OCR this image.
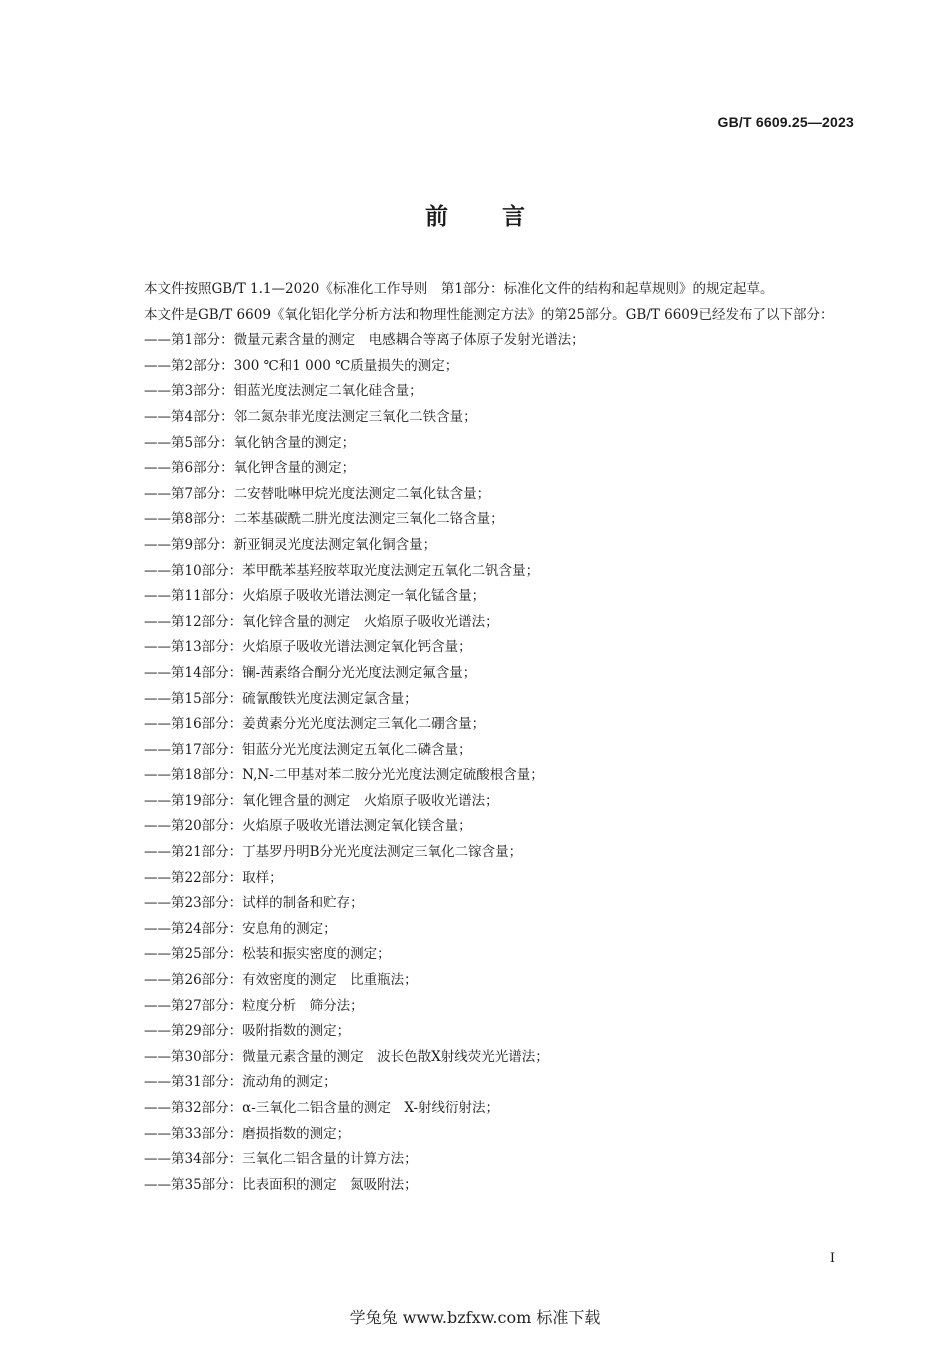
GB/T 6609.25—2023
前言

本文件按照GB/T 1.1—2020《标准化工作导则　第1部分：标准化文件的结构和起草规则》的规定起草。

本文件是GB/T 6609《氧化铝化学分析方法和物理性能测定方法》的第25部分。GB/T 6609已经发布了以下部分：

——第1部分：微量元素含量的测定　电感耦合等离子体原子发射光谱法；
——第2部分：300 ℃和1 000 ℃质量损失的测定；
——第3部分：钼蓝光度法测定二氧化硅含量；
——第4部分：邻二氮杂菲光度法测定三氧化二铁含量；
——第5部分：氧化钠含量的测定；
——第6部分：氧化钾含量的测定；
——第7部分：二安替吡啉甲烷光度法测定二氧化钛含量；
——第8部分：二苯基碳酰二肼光度法测定三氧化二铬含量；
——第9部分：新亚铜灵光度法测定氧化铜含量；
——第10部分：苯甲酰苯基羟胺萃取光度法测定五氧化二钒含量；
——第11部分：火焰原子吸收光谱法测定一氧化锰含量；
——第12部分：氧化锌含量的测定　火焰原子吸收光谱法；
——第13部分：火焰原子吸收光谱法测定氧化钙含量；
——第14部分：镧-茜素络合酮分光光度法测定氟含量；
——第15部分：硫氰酸铁光度法测定氯含量；
——第16部分：姜黄素分光光度法测定三氧化二硼含量；
——第17部分：钼蓝分光光度法测定五氧化二磷含量；
——第18部分：N,N-二甲基对苯二胺分光光度法测定硫酸根含量；
——第19部分：氧化锂含量的测定　火焰原子吸收光谱法；
——第20部分：火焰原子吸收光谱法测定氧化镁含量；
——第21部分：丁基罗丹明B分光光度法测定三氧化二镓含量；
——第22部分：取样；
——第23部分：试样的制备和贮存；
——第24部分：安息角的测定；
——第25部分：松装和振实密度的测定；
——第26部分：有效密度的测定　比重瓶法；
——第27部分：粒度分析　筛分法；
——第29部分：吸附指数的测定；
——第30部分：微量元素含量的测定　波长色散X射线荧光光谱法；
——第31部分：流动角的测定；
——第32部分：α-三氧化二铝含量的测定　X-射线衍射法；
——第33部分：磨损指数的测定；
——第34部分：三氧化二铝含量的计算方法；
——第35部分：比表面积的测定　氮吸附法；
I
学兔兔 www.bzfxw.com 标准下载
